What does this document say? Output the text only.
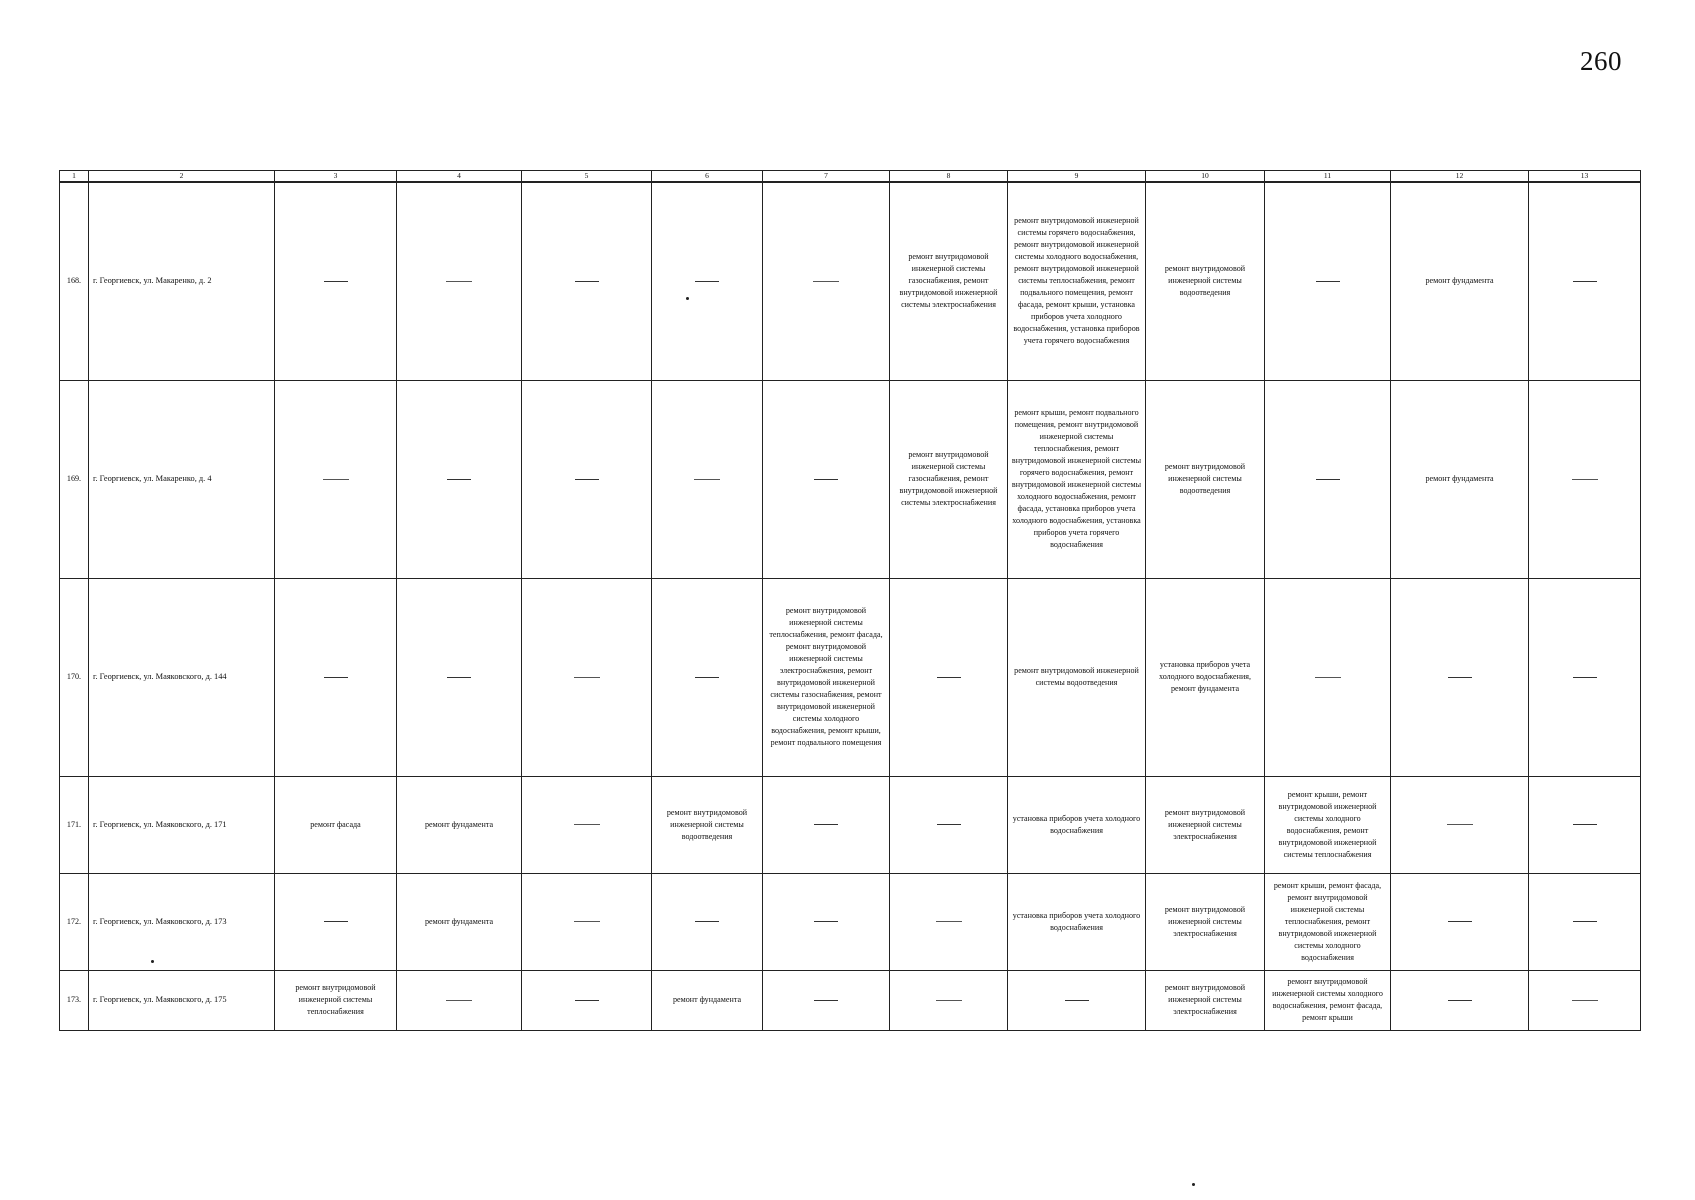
260
1	2	3	4	5	6	7	8	9	10	11	12	13
168.	г. Георгиевск, ул. Макаренко, д. 2						ремонт внутридомовой инженерной системы газоснабжения, ремонт внутридомовой инженерной системы электроснабжения	ремонт внутридомовой инженерной системы горячего водоснабжения, ремонт внутридомовой инженерной системы холодного водоснабжения, ремонт внутридомовой инженерной системы теплоснабжения, ремонт подвального помещения, ремонт фасада, ремонт крыши, установка приборов учета холодного водоснабжения, установка приборов учета горячего водоснабжения	ремонт внутридомовой инженерной системы водоотведения		ремонт фундамента	
169.	г. Георгиевск, ул. Макаренко, д. 4						ремонт внутридомовой инженерной системы газоснабжения, ремонт внутридомовой инженерной системы электроснабжения	ремонт крыши, ремонт подвального помещения, ремонт внутридомовой инженерной системы теплоснабжения, ремонт внутридомовой инженерной системы горячего водоснабжения, ремонт внутридомовой инженерной системы холодного водоснабжения, ремонт фасада, установка приборов учета холодного водоснабжения, установка приборов учета горячего водоснабжения	ремонт внутридомовой инженерной системы водоотведения		ремонт фундамента	
170.	г. Георгиевск, ул. Маяковского, д. 144					ремонт внутридомовой инженерной системы теплоснабжения, ремонт фасада, ремонт внутридомовой инженерной системы электроснабжения, ремонт внутридомовой инженерной системы газоснабжения, ремонт внутридомовой инженерной системы холодного водоснабжения, ремонт крыши, ремонт подвального помещения		ремонт внутридомовой инженерной системы водоотведения	установка приборов учета холодного водоснабжения, ремонт фундамента			
171.	г. Георгиевск, ул. Маяковского, д. 171	ремонт фасада	ремонт фундамента		ремонт внутридомовой инженерной системы водоотведения			установка приборов учета холодного водоснабжения	ремонт внутридомовой инженерной системы электроснабжения	ремонт крыши, ремонт внутридомовой инженерной системы холодного водоснабжения, ремонт внутридомовой инженерной системы теплоснабжения		
172.	г. Георгиевск, ул. Маяковского, д. 173		ремонт фундамента					установка приборов учета холодного водоснабжения	ремонт внутридомовой инженерной системы электроснабжения	ремонт крыши, ремонт фасада, ремонт внутридомовой инженерной системы теплоснабжения, ремонт внутридомовой инженерной системы холодного водоснабжения		
173.	г. Георгиевск, ул. Маяковского, д. 175	ремонт внутридомовой инженерной системы теплоснабжения			ремонт фундамента				ремонт внутридомовой инженерной системы электроснабжения	ремонт внутридомовой инженерной системы холодного водоснабжения, ремонт фасада, ремонт крыши		
